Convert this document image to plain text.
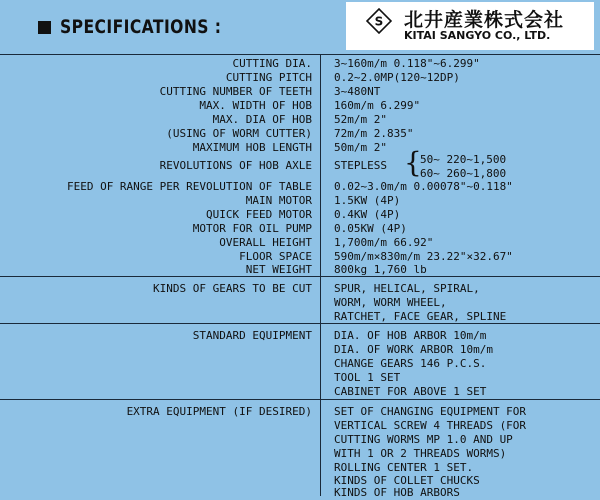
SPECIFICATIONS :	S 北井産業株式会社
KITAI SANGYO CO., LTD.
CUTTING DIA. 3~160m/m 0.118"~6.299"
CUTTING PITCH 0.2~2.0MP(120~12DP)
CUTTING NUMBER OF TEETH 3~480NT
MAX. WIDTH OF HOB 160m/m 6.299"
MAX. DIA OF HOB 52m/m 2"
(USING OF WORM CUTTER) 72m/m 2.835"
MAXIMUM HOB LENGTH 50m/m 2"
REVOLUTIONS OF HOB AXLE STEPLESS {
50~ 220~1,500
60~ 260~1,800
FEED OF RANGE PER REVOLUTION OF TABLE 0.02~3.0m/m 0.00078"~0.118"
MAIN MOTOR 1.5KW (4P)
QUICK FEED MOTOR 0.4KW (4P)
MOTOR FOR OIL PUMP 0.05KW (4P)
OVERALL HEIGHT 1,700m/m 66.92"
FLOOR SPACE 590m/m×830m/m 23.22"×32.67"
NET WEIGHT 800kg 1,760 lb
KINDS OF GEARS TO BE CUT SPUR, HELICAL, SPIRAL,
WORM, WORM WHEEL,
RATCHET, FACE GEAR, SPLINE
STANDARD EQUIPMENT DIA. OF HOB ARBOR 10m/m
DIA. OF WORK ARBOR 10m/m
CHANGE GEARS 146 P.C.S.
TOOL 1 SET
CABINET FOR ABOVE 1 SET
EXTRA EQUIPMENT (IF DESIRED) SET OF CHANGING EQUIPMENT FOR
VERTICAL SCREW 4 THREADS (FOR
CUTTING WORMS MP 1.0 AND UP
WITH 1 OR 2 THREADS WORMS)
ROLLING CENTER 1 SET.
KINDS OF COLLET CHUCKS
KINDS OF HOB ARBORS
